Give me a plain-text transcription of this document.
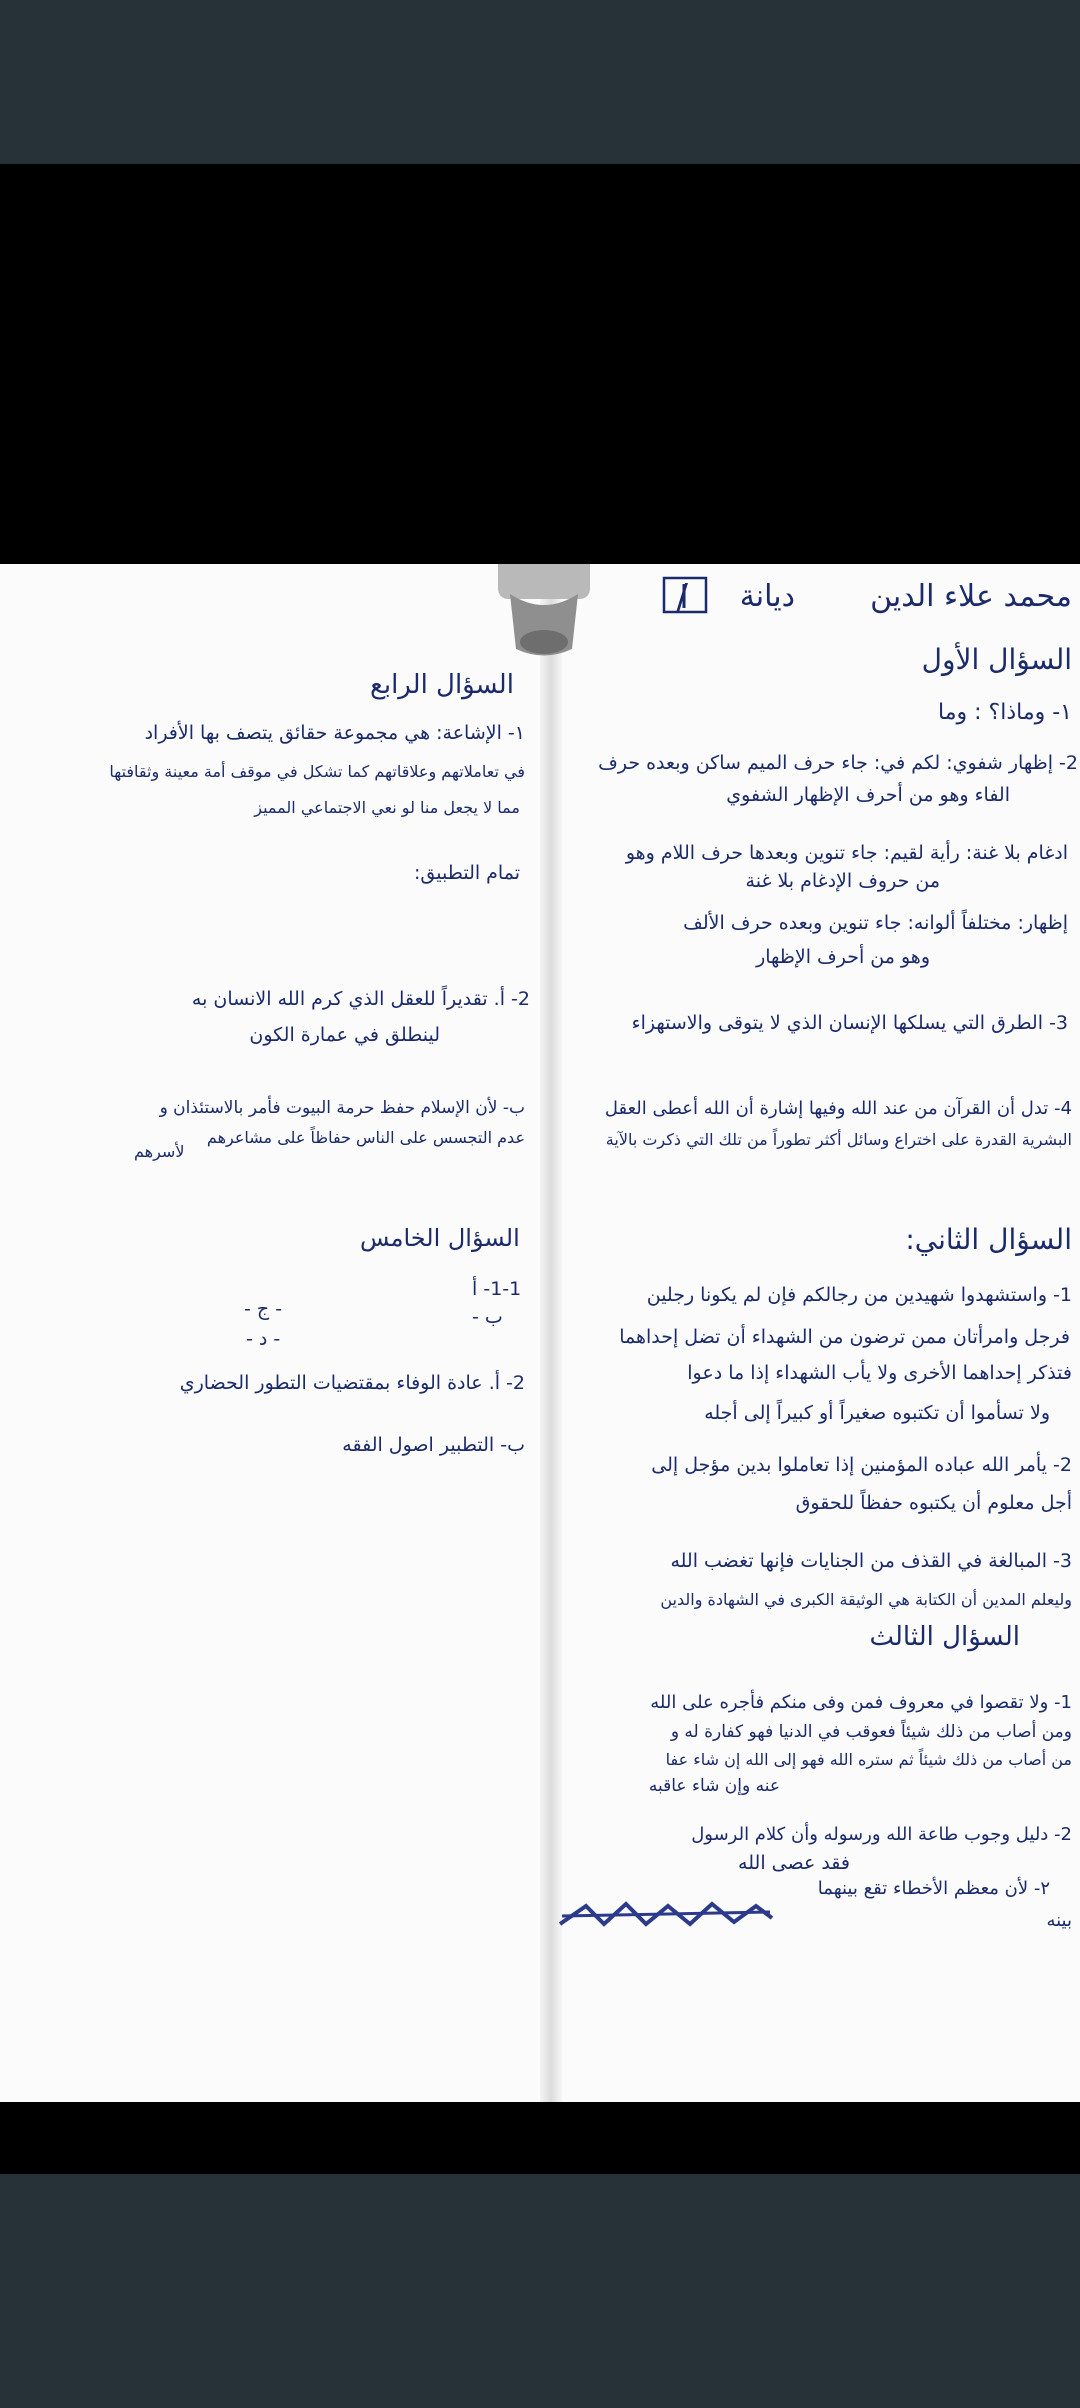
محمد علاء الدين
/ ديانة
السؤال الأول
١- وماذا؟ : وما
2- إظهار شفوي: لكم في: جاء حرف الميم ساكن وبعده حرف
الفاء وهو من أحرف الإظهار الشفوي
ادغام بلا غنة: رأية لقيم: جاء تنوين وبعدها حرف اللام وهو
من حروف الإدغام بلا غنة
إظهار: مختلفاً ألوانه: جاء تنوين وبعده حرف الألف
وهو من أحرف الإظهار
3- الطرق التي يسلكها الإنسان الذي لا يتوقى والاستهزاء
4- تدل أن القرآن من عند الله وفيها إشارة أن الله أعطى العقل
البشرية القدرة على اختراع وسائل أكثر تطوراً من تلك التي ذكرت بالآية
السؤال الثاني:
1- واستشهدوا شهيدين من رجالكم فإن لم يكونا رجلين
فرجل وامرأتان ممن ترضون من الشهداء أن تضل إحداهما
فتذكر إحداهما الأخرى ولا يأب الشهداء إذا ما دعوا
ولا تسأموا أن تكتبوه صغيراً أو كبيراً إلى أجله
2- يأمر الله عباده المؤمنين إذا تعاملوا بدين مؤجل إلى
أجل معلوم أن يكتبوه حفظاً للحقوق
3- المبالغة في القذف من الجنايات فإنها تغضب الله
وليعلم المدين أن الكتابة هي الوثيقة الكبرى في الشهادة والدين
السؤال الثالث
1- ولا تقصوا في معروف فمن وفى منكم فأجره على الله
ومن أصاب من ذلك شيئاً فعوقب في الدنيا فهو كفارة له و
من أصاب من ذلك شيئاً ثم ستره الله فهو إلى الله إن شاء عفا
عنه وإن شاء عاقبه
2- دليل وجوب طاعة الله ورسوله وأن كلام الرسول
فقد عصى الله
٢- لأن معظم الأخطاء تقع بينهما
بينه
السؤال الرابع
١- الإشاعة: هي مجموعة حقائق يتصف بها الأفراد
في تعاملاتهم وعلاقاتهم كما تشكل في موقف أمة معينة وثقافتها
مما لا يجعل منا لو نعي الاجتماعي المميز
تمام التطبيق:
2- أ. تقديراً للعقل الذي كرم الله الانسان به
لينطلق في عمارة الكون
ب- لأن الإسلام حفظ حرمة البيوت فأمر بالاستئذان و
عدم التجسس على الناس حفاظاً على مشاعرهم
لأسرهم
السؤال الخامس
1-1- أ
ب -
- ج -
- د -
2- أ. عادة الوفاء بمقتضيات التطور الحضاري
ب- التطبير اصول الفقه
